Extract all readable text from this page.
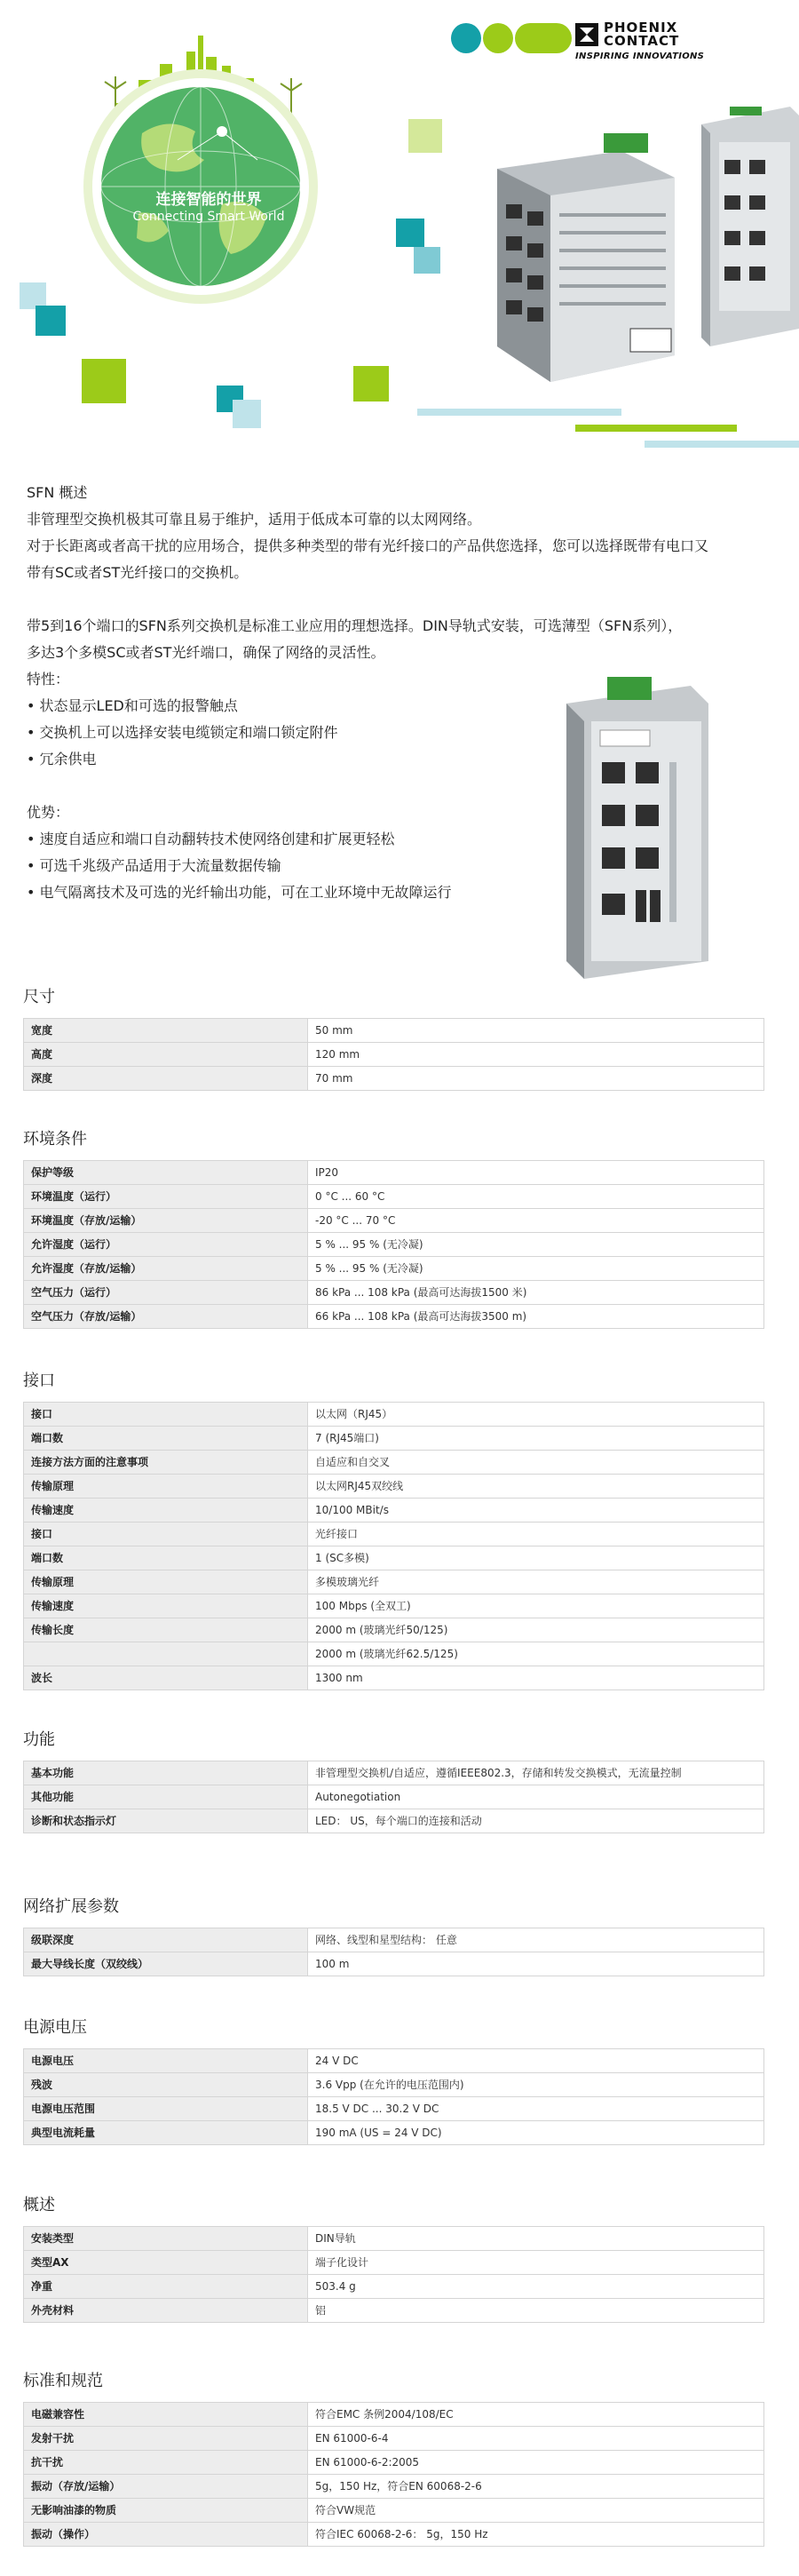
PHOENIX
CONTACT
INSPIRING INNOVATIONS
连接智能的世界
Connecting Smart World

SFN 概述

非管理型交换机极其可靠且易于维护，适用于低成本可靠的以太网网络。

对于长距离或者高干扰的应用场合，提供多种类型的带有光纤接口的产品供您选择，您可以选择既带有电口又

带有SC或者ST光纤接口的交换机。

带5到16个端口的SFN系列交换机是标准工业应用的理想选择。DIN导轨式安装，可选薄型（SFN系列），

多达3个多模SC或者ST光纤端口，确保了网络的灵活性。

特性：

• 状态显示LED和可选的报警触点

• 交换机上可以选择安装电缆锁定和端口锁定附件

• 冗余供电

优势：

• 速度自适应和端口自动翻转技术使网络创建和扩展更轻松

• 可选千兆级产品适用于大流量数据传输

• 电气隔离技术及可选的光纤输出功能，可在工业环境中无故障运行

尺寸
宽度	50 mm
高度	120 mm
深度	70 mm
环境条件
保护等级	IP20
环境温度（运行）	0 °C ... 60 °C
环境温度（存放/运输）	-20 °C ... 70 °C
允许湿度（运行）	5 % ... 95 % (无冷凝)
允许湿度（存放/运输）	5 % ... 95 % (无冷凝)
空气压力（运行）	86 kPa ... 108 kPa (最高可达海拔1500 米)
空气压力（存放/运输）	66 kPa ... 108 kPa (最高可达海拔3500 m)
接口
接口	以太网（RJ45）
端口数	7 (RJ45端口)
连接方法方面的注意事项	自适应和自交叉
传输原理	以太网RJ45双绞线
传输速度	10/100 MBit/s
接口	光纤接口
端口数	1 (SC多模)
传输原理	多模玻璃光纤
传输速度	100 Mbps (全双工)
传输长度	2000 m (玻璃光纤50/125)
	2000 m (玻璃光纤62.5/125)
波长	1300 nm
功能
基本功能	非管理型交换机/自适应，遵循IEEE802.3，存储和转发交换模式，无流量控制
其他功能	Autonegotiation
诊断和状态指示灯	LED： US，每个端口的连接和活动
网络扩展参数
级联深度	网络、线型和星型结构： 任意
最大导线长度（双绞线）	100 m
电源电压
电源电压	24 V DC
残波	3.6 Vpp (在允许的电压范围内)
电源电压范围	18.5 V DC ... 30.2 V DC
典型电流耗量	190 mA (US = 24 V DC)
概述
安装类型	DIN导轨
类型AX	端子化设计
净重	503.4 g
外壳材料	铝
标准和规范
电磁兼容性	符合EMC 条例2004/108/EC
发射干扰	EN 61000-6-4
抗干扰	EN 61000-6-2:2005
振动（存放/运输）	5g，150 Hz，符合EN 60068-2-6
无影响油漆的物质	符合VW规范
振动（操作）	符合IEC 60068-2-6： 5g，150 Hz
